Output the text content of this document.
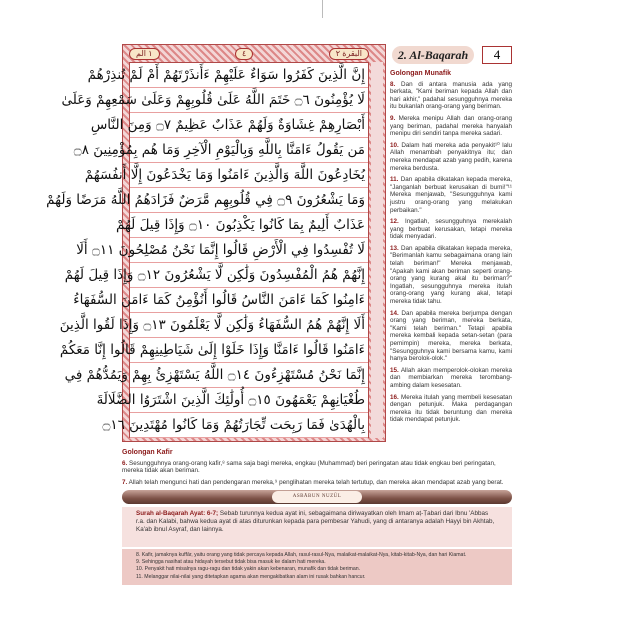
البقرة ٢
٤
١ الم
إِنَّ الَّذِينَ كَفَرُوا سَوَاءٌ عَلَيْهِمْ ءَأَنذَرْتَهُمْ أَمْ لَمْ تُنذِرْهُمْ
لَا يُؤْمِنُونَ ۝٦ خَتَمَ اللَّهُ عَلَىٰ قُلُوبِهِمْ وَعَلَىٰ سَمْعِهِمْ وَعَلَىٰ
أَبْصَارِهِمْ غِشَاوَةٌ وَلَهُمْ عَذَابٌ عَظِيمٌ ۝٧ وَمِنَ النَّاسِ
مَن يَقُولُ ءَامَنَّا بِاللَّهِ وَبِالْيَوْمِ الْآخِرِ وَمَا هُم بِمُؤْمِنِينَ ۝٨
يُخَادِعُونَ اللَّهَ وَالَّذِينَ ءَامَنُوا وَمَا يَخْدَعُونَ إِلَّا أَنفُسَهُمْ
وَمَا يَشْعُرُونَ ۝٩ فِي قُلُوبِهِم مَّرَضٌ فَزَادَهُمُ اللَّهُ مَرَضًا وَلَهُمْ
عَذَابٌ أَلِيمٌ بِمَا كَانُوا يَكْذِبُونَ ۝١٠ وَإِذَا قِيلَ لَهُمْ
لَا تُفْسِدُوا فِي الْأَرْضِ قَالُوا إِنَّمَا نَحْنُ مُصْلِحُونَ ۝١١ أَلَا
إِنَّهُمْ هُمُ الْمُفْسِدُونَ وَلَٰكِن لَّا يَشْعُرُونَ ۝١٢ وَإِذَا قِيلَ لَهُمْ
ءَامِنُوا كَمَا ءَامَنَ النَّاسُ قَالُوا أَنُؤْمِنُ كَمَا ءَامَنَ السُّفَهَاءُ
أَلَا إِنَّهُمْ هُمُ السُّفَهَاءُ وَلَٰكِن لَّا يَعْلَمُونَ ۝١٣ وَإِذَا لَقُوا الَّذِينَ
ءَامَنُوا قَالُوا ءَامَنَّا وَإِذَا خَلَوْا إِلَىٰ شَيَاطِينِهِمْ قَالُوا إِنَّا مَعَكُمْ
إِنَّمَا نَحْنُ مُسْتَهْزِءُونَ ۝١٤ اللَّهُ يَسْتَهْزِئُ بِهِمْ وَيَمُدُّهُمْ فِي
طُغْيَانِهِمْ يَعْمَهُونَ ۝١٥ أُولَٰئِكَ الَّذِينَ اشْتَرَوُا الضَّلَالَةَ
بِالْهُدَىٰ فَمَا رَبِحَت تِّجَارَتُهُمْ وَمَا كَانُوا مُهْتَدِينَ ۝١٦
2. Al-Baqarah	4
Golongan Munafik
8. Dan di antara manusia ada yang berkata, "Kami beriman kepada Allah dan hari akhir," padahal sesungguhnya mereka itu bukanlah orang-orang yang beriman.
9. Mereka menipu Allah dan orang-orang yang beriman, padahal mereka hanyalah menipu diri sendiri tanpa mereka sadari.
10. Dalam hati mereka ada penyakit¹⁰ lalu Allah menambah penyakitnya itu; dan mereka mendapat azab yang pedih, karena mereka berdusta.
11. Dan apabila dikatakan kepada mereka, "Janganlah berbuat kerusakan di bumi!"¹¹ Mereka menjawab, "Sesungguhnya kami justru orang-orang yang melakukan perbaikan."
12. Ingatlah, sesungguhnya merekalah yang berbuat kerusakan, tetapi mereka tidak menyadari.
13. Dan apabila dikatakan kepada mereka, "Berimanlah kamu sebagaimana orang lain telah beriman!" Mereka menjawab, "Apakah kami akan beriman seperti orang-orang yang kurang akal itu beriman?" Ingatlah, sesungguhnya mereka itulah orang-orang yang kurang akal, tetapi mereka tidak tahu.
14. Dan apabila mereka berjumpa dengan orang yang beriman, mereka berkata, "Kami telah beriman." Tetapi apabila mereka kembali kepada setan-setan (para pemimpin) mereka, mereka berkata, "Sesungguhnya kami bersama kamu, kami hanya berolok-olok."
15. Allah akan memperolok-olokan mereka dan membiarkan mereka terombang-ambing dalam kesesatan.
16. Mereka itulah yang membeli kesesatan dengan petunjuk. Maka perdagangan mereka itu tidak beruntung dan mereka tidak mendapat petunjuk.
Golongan Kafir
6. Sesungguhnya orang-orang kafir,⁸ sama saja bagi mereka, engkau (Muhammad) beri peringatan atau tidak engkau beri peringatan, mereka tidak akan beriman.
7. Allah telah mengunci hati dan pendengaran mereka,⁹ penglihatan mereka telah tertutup, dan mereka akan mendapat azab yang berat.
ASBĀBUN NUZŪL
Surah al-Baqarah Ayat: 6-7; Sebab turunnya kedua ayat ini, sebagaimana diriwayatkan oleh Imam aṭ-Ṭabari dari Ibnu 'Abbas r.a. dan Kalabi, bahwa kedua ayat di atas diturunkan kepada para pembesar Yahudi, yang di antaranya adalah Hayyi bin Akhtab, Ka'ab ibnul Asyraf, dan lainnya.
8. Kafir, jamaknya kuffār, yaitu orang yang tidak percaya kepada Allah, rasul-rasul-Nya, malaikat-malaikat-Nya, kitab-kitab-Nya, dan hari Kiamat.
9. Sehingga nasihat atau hidayah tersebut tidak bisa masuk ke dalam hati mereka.
10. Penyakit hati misalnya ragu-ragu dan tidak yakin akan kebenaran, munafik dan tidak beriman.
11. Melanggar nilai-nilai yang ditetapkan agama akan mengakibatkan alam ini rusak bahkan hancur.
